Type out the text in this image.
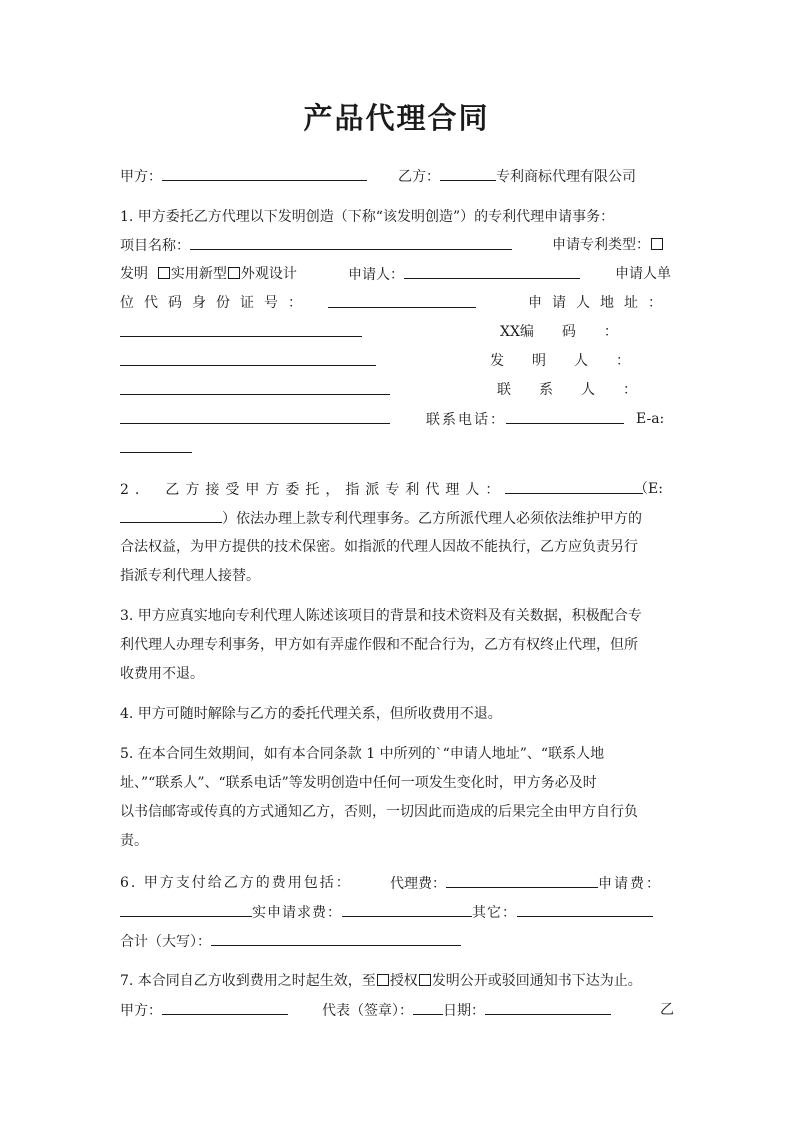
产品代理合同
甲方：	乙方：	专利商标代理有限公司
1. 甲方委托乙方代理以下发明创造（下称“该发明创造”）的专利代理申请事务：
项目名称：	申请专利类型：
发明 实用新型 外观设计	申请人：	申请人单
位代码身份证号：	申请人地址：
XX编　　码　　：
发　　明　　人　　：
联　　系　　人　　：
联系电话：	E-a:
2.　乙方接受甲方委托，指派专利代理人：	（E:
）依法办理上款专利代理事务。乙方所派代理人必须依法维护甲方的
合法权益，为甲方提供的技术保密。如指派的代理人因故不能执行，乙方应负责另行
指派专利代理人接替。
3. 甲方应真实地向专利代理人陈述该项目的背景和技术资料及有关数据，积极配合专
利代理人办理专利事务，甲方如有弄虚作假和不配合行为，乙方有权终止代理，但所
收费用不退。
4. 甲方可随时解除与乙方的委托代理关系，但所收费用不退。
5. 在本合同生效期间，如有本合同条款 1 中所列的`“申请人地址”、“联系人地
址、”“联系人”、“联系电话”等发明创造中任何一项发生变化时，甲方务必及时
以书信邮寄或传真的方式通知乙方，否则，一切因此而造成的后果完全由甲方自行负
责。
6. 甲方支付给乙方的费用包括：	代理费：	申请费：
实申请求费：	其它：
合计（大写）：
7. 本合同自乙方收到费用之时起生效，至 授权 发明公开或驳回通知书下达为止。
甲方：	代表（签章）： 日期：	乙
